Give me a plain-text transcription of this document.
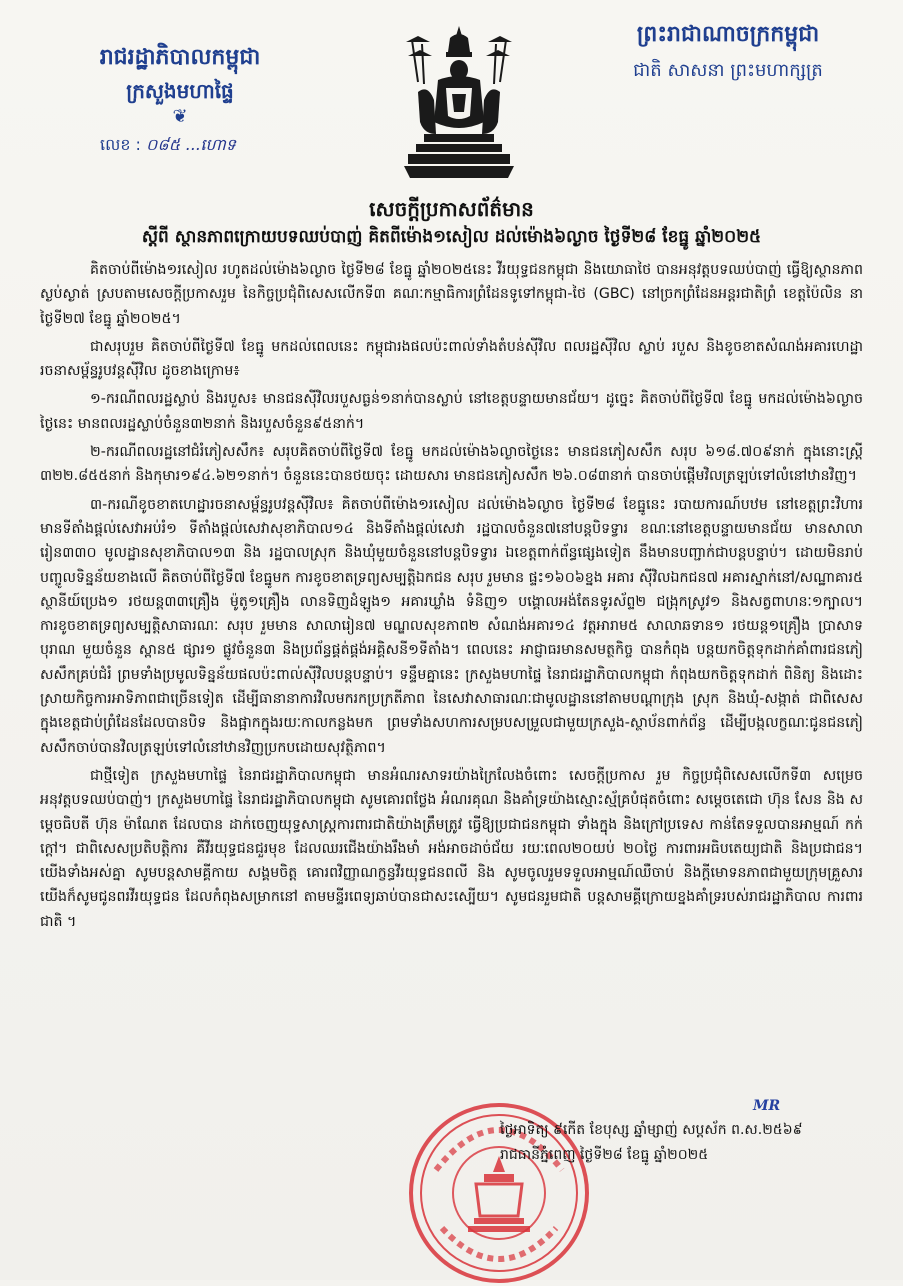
រាជរដ្ឋាភិបាលកម្ពុជា
ក្រសួងមហាផ្ទៃ
❦
លេខ : ០៨៥ ...ហោទ
ព្រះរាជាណាចក្រកម្ពុជា
ជាតិ សាសនា ព្រះមហាក្សត្រ
សេចក្តីប្រកាសព័ត៌មាន
ស្តីពី ស្ថានភាពក្រោយបទឈប់បាញ់ គិតពីម៉ោង១សៀល ដល់ម៉ោង៦ល្ងាច ថ្ងៃទី២៨ ខែធ្នូ ឆ្នាំ២០២៥

គិតចាប់ពីម៉ោង១រសៀល រហូតដល់ម៉ោង៦ល្ងាច ថ្ងៃទី២៨ ខែធ្នូ ឆ្នាំ២០២៥នេះ វីរយុទ្ធជនកម្ពុជា និងយោធាថៃ បានអនុវត្តបទឈប់បាញ់ ធ្វើឱ្យស្ថានភាពស្ងប់ស្ងាត់ ស្របតាមសេចក្តីប្រកាសរួម នៃកិច្ចប្រជុំពិសេសលើកទី៣ គណៈកម្មាធិការព្រំដែនទូទៅកម្ពុជា-ថៃ (GBC) នៅច្រកព្រំដែនអន្តរជាតិព្រំ ខេត្តប៉ៃលិន នាថ្ងៃទី២៧ ខែធ្នូ ឆ្នាំ២០២៥។

ជាសរុបរួម គិតចាប់ពីថ្ងៃទី៧ ខែធ្នូ មកដល់ពេលនេះ កម្ពុជារងផលប៉ះពាល់ទាំងតំបន់ស៊ីវិល ពលរដ្ឋស៊ីវិល ស្លាប់ របួស និងខូចខាតសំណង់អគារហេដ្ឋារចនាសម្ព័ន្ធរូបវន្តស៊ីវិល ដូចខាងក្រោម៖

១-ករណីពលរដ្ឋស្លាប់ និងរបួស៖ មានជនស៊ីវិលរបួសធ្ងន់១នាក់បានស្លាប់ នៅខេត្តបន្ទាយមានជ័យ។ ដូច្នេះ គិតចាប់ពីថ្ងៃទី៧ ខែធ្នូ មកដល់ម៉ោង៦ល្ងាចថ្ងៃនេះ មានពលរដ្ឋស្លាប់ចំនួន៣២នាក់ និងរបួសចំនួន៩៥នាក់។

២-ករណីពលរដ្ឋនៅជំរំភៀសសឹក៖ សរុបគិតចាប់ពីថ្ងៃទី៧ ខែធ្នូ មកដល់ម៉ោង៦ល្ងាចថ្ងៃនេះ មានជនភៀសសឹក សរុប ៦១៨.៧០៩នាក់ ក្នុងនោះស្ត្រី ៣២២.៨៥៥នាក់ និងកុមារ១៩៤.៦២១នាក់។ ចំនួននេះបានថយចុះ ដោយសារ មានជនភៀសសឹក ២៦.០៨៣នាក់ បានចាប់ផ្តើមវិលត្រឡប់ទៅលំនៅឋានវិញ។

៣-ករណីខូចខាតហេដ្ឋារចនាសម្ព័ន្ធរូបវន្តស៊ីវិល៖ គិតចាប់ពីម៉ោង១រសៀល ដល់ម៉ោង៦ល្ងាច ថ្ងៃទី២៨ ខែធ្នូនេះ របាយការណ៍បឋម នៅខេត្តព្រះវិហារ មានទីតាំងផ្តល់សេវាអប់រំ១ ទីតាំងផ្តល់សេវាសុខាភិបាល១៤ និងទីតាំងផ្តល់សេវា រដ្ឋបាលចំនួន៧នៅបន្តបិទទ្វារ ខណៈនៅខេត្តបន្ទាយមានជ័យ មានសាលារៀន៣៣០ មូលដ្ឋានសុខាភិបាល១៣ និង រដ្ឋបាលស្រុក និងឃុំមួយចំនួននៅបន្តបិទទ្វារ ឯខេត្តពាក់ព័ន្ធផ្សេងទៀត នឹងមានបញ្ជាក់ជាបន្តបន្ទាប់។ ដោយមិនរាប់ បញ្ចូលទិន្នន័យខាងលើ គិតចាប់ពីថ្ងៃទី៧ ខែធ្នូមក ការខូចខាតទ្រព្យសម្បត្តិឯកជន សរុប រួមមាន ផ្ទះ១៦០៦ខ្នង អគារ ស៊ីវិលឯកជន៧ អគារស្នាក់នៅ/សណ្ឋាគារ៥ ស្ថានីយ៍ប្រេង១ រថយន្ត៣៣គ្រឿង ម៉ូតូ១គ្រឿង លានទិញដំឡូង១ អគារឃ្លាំង ទំនិញ១ បង្គោលអង់តែនទូរស័ព្ទ២ ជង្រុកស្រូវ១ និងសត្វពាហនៈ១ក្បាល។ ការខូចខាតទ្រព្យសម្បត្តិសាធារណៈ សរុប រួមមាន សាលារៀន៧ មណ្ឌលសុខភាព២ សំណង់អគារ១៤ វត្តអារាម៥ សាលាឆទាន១ រថយន្ត១គ្រឿង ប្រាសាទបុរាណ មួយចំនួន ស្ពាន៥ ផ្សារ១ ផ្លូវចំនួន៣ និងប្រព័ន្ធផ្គត់ផ្គង់អគ្គិសនី១ទីតាំង។ ពេលនេះ អាជ្ញាធរមានសមត្ថកិច្ច បានកំពុង បន្តយកចិត្តទុកដាក់គាំពារជនភៀសសឹកគ្រប់ជំរំ ព្រមទាំងប្រមូលទិន្នន័យផលប៉ះពាល់ស៊ីវិលបន្តបន្ទាប់។ ទន្ទឹមគ្នានេះ ក្រសួងមហាផ្ទៃ នៃរាជរដ្ឋាភិបាលកម្ពុជា កំពុងយកចិត្តទុកដាក់ ពិនិត្យ និងដោះស្រាយកិច្ចការអាទិភាពជាច្រើនទៀត ដើម្បីធានានាការវិលមករកប្រក្រតីភាព នៃសេវាសាធារណៈជាមូលដ្ឋាននៅតាមបណ្តាក្រុង ស្រុក និងឃុំ-សង្កាត់ ជាពិសេស ក្នុងខេត្តជាប់ព្រំដែនដែលបានបិទ និងផ្អាកក្នុងរយៈកាលកន្លងមក ព្រមទាំងសហការសម្របសម្រួលជាមួយក្រសួង-ស្ថាប័នពាក់ព័ន្ធ ដើម្បីបង្កលក្ខណៈជូនជនភៀសសឹកចាប់បានវិលត្រឡប់ទៅលំនៅឋានវិញប្រកបដោយសុវត្ថិភាព។

ជាថ្មីទៀត ក្រសួងមហាផ្ទៃ នៃរាជរដ្ឋាភិបាលកម្ពុជា មានអំណរសាទរយ៉ាងក្រៃលែងចំពោះ សេចក្តីប្រកាស រួម កិច្ចប្រជុំពិសេសលើកទី៣ សម្រេចអនុវត្តបទឈប់បាញ់។ ក្រសួងមហាផ្ទៃ នៃរាជរដ្ឋាភិបាលកម្ពុជា សូមគោរពថ្លែង អំណរគុណ និងគាំទ្រយ៉ាងស្មោះស្ម័គ្របំផុតចំពោះ សម្តេចតេជោ ហ៊ុន សែន និង សម្តេចធិបតី ហ៊ុន ម៉ាណែត ដែលបាន ដាក់ចេញយុទ្ធសាស្ត្រការពារជាតិយ៉ាងត្រឹមត្រូវ ធ្វើឱ្យប្រជាជនកម្ពុជា ទាំងក្នុង និងក្រៅប្រទេស កាន់តែទទួលបានអាម្មណ៍ កក់ក្តៅ។ ជាពិសេសប្រតិបត្តិការ គឺវីរយុទ្ធជនជួរមុខ ដែលឈរជើងយ៉ាងរឹងមាំ អង់អាចដាច់ជ័យ រយៈពេល២០យប់ ២០ថ្ងៃ ការពារអធិបតេយ្យជាតិ និងប្រជាជន។ យើងទាំងអស់គ្នា សូមបន្តសាមគ្គីកាយ សង្គមចិត្ត គោរពវិញ្ញាណក្ខន្ធវីរយុទ្ធជនពលី និង សូមចូលរួមទទួលអាម្មណ៍ឈឺចាប់ និងក្តីមោទនភាពជាមួយក្រុមគ្រួសារ យើងក៏សូមជូនពរវីរយុទ្ធជន ដែលកំពុងសម្រាកនៅ តាមមន្ទីរពេទ្យឆាប់បានជាសះស្បើយ។ សូមជនរួមជាតិ បន្តសាមគ្គីក្រោយខ្នងគាំទ្ររបស់រាជរដ្ឋាភិបាល ការពារជាតិ ។

MR
ថ្ងៃអាទិត្យ ៩កើត ខែបុស្ស ឆ្នាំម្សាញ់ សប្តស័ក ព.ស.២៥៦៩
រាជធានីភ្នំពេញ ថ្ងៃទី២៨ ខែធ្នូ ឆ្នាំ២០២៥
